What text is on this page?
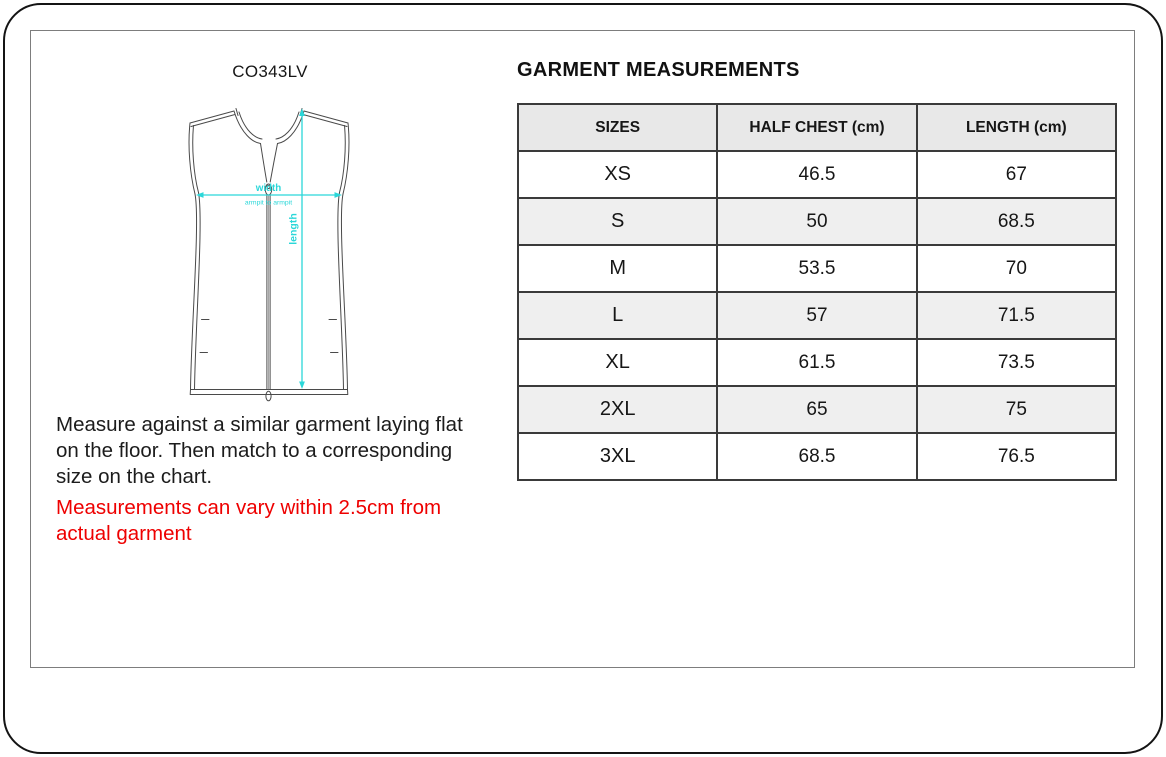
CO343LV
width
armpit to armpit
length
Measure against a similar garment laying flat
on the floor. Then match to a corresponding
size on the chart.
Measurements can vary within 2.5cm from
actual garment
GARMENT MEASUREMENTS
SIZES	HALF CHEST (cm)	LENGTH (cm)
XS	46.5	67
S	50	68.5
M	53.5	70
L	57	71.5
XL	61.5	73.5
2XL	65	75
3XL	68.5	76.5
